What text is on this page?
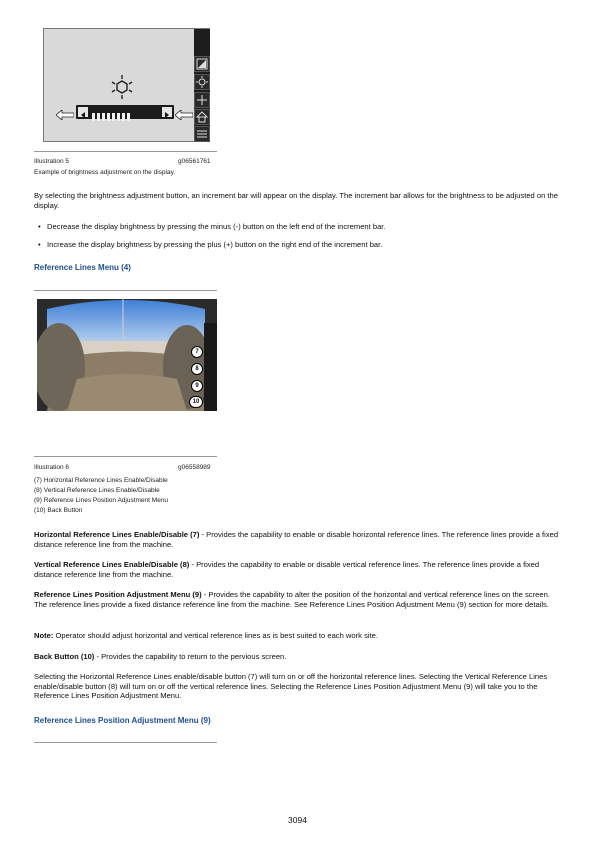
Illustration 5	g06561761
Example of brightness adjustment on the display.
By selecting the brightness adjustment button, an increment bar will appear on the display. The increment bar allows for the brightness to be adjusted on the display.
• Decrease the display brightness by pressing the minus (-) button on the left end of the increment bar.
• Increase the display brightness by pressing the plus (+) button on the right end of the increment bar.
Reference Lines Menu (4)
7
8
9
10
Illustration 6	g06558989
(7) Horizontal Reference Lines Enable/Disable
(8) Vertical Reference Lines Enable/Disable
(9) Reference Lines Position Adjustment Menu
(10) Back Button
Horizontal Reference Lines Enable/Disable (7) - Provides the capability to enable or disable horizontal reference lines. The reference lines provide a fixed distance reference line from the machine.
Vertical Reference Lines Enable/Disable (8) - Provides the capability to enable or disable vertical reference lines. The reference lines provide a fixed distance reference line from the machine.
Reference Lines Position Adjustment Menu (9) - Provides the capability to alter the position of the horizontal and vertical reference lines on the screen. The reference lines provide a fixed distance reference line from the machine. See Reference Lines Position Adjustment Menu (9) section for more details.
Note: Operator should adjust horizontal and vertical reference lines as is best suited to each work site.
Back Button (10) - Provides the capability to return to the pervious screen.
Selecting the Horizontal Reference Lines enable/disable button (7) will turn on or off the horizontal reference lines. Selecting the Vertical Reference Lines enable/disable button (8) will turn on or off the vertical reference lines. Selecting the Reference Lines Position Adjustment Menu (9) will take you to the Reference Lines Position Adjustment Menu.
Reference Lines Position Adjustment Menu (9)
3094
